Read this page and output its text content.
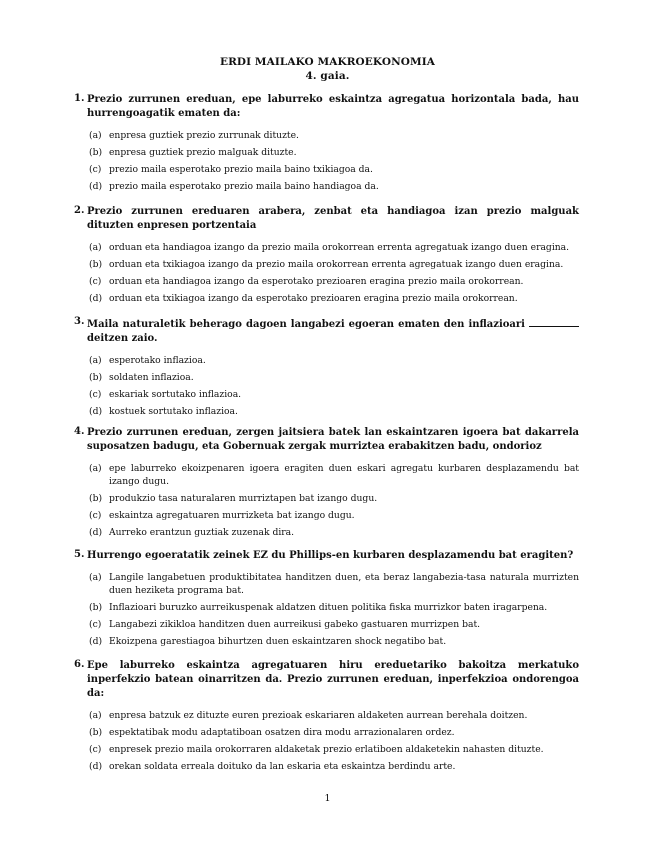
ERDI MAILAKO MAKROEKONOMIA
4. gaia.
1. Prezio zurrunen ereduan, epe laburreko eskaintza agregatua horizontala bada, hau hurrengoagatik ematen da:

(a) enpresa guztiek prezio zurrunak dituzte.
(b) enpresa guztiek prezio malguak dituzte.
(c) prezio maila esperotako prezio maila baino txikiagoa da.
(d) prezio maila esperotako prezio maila baino handiagoa da.
2. Prezio zurrunen ereduaren arabera, zenbat eta handiagoa izan prezio malguak dituzten enpresen portzentaia

(a) orduan eta handiagoa izango da prezio maila orokorrean errenta agregatuak izango duen eragina.
(b) orduan eta txikiagoa izango da prezio maila orokorrean errenta agregatuak izango duen eragina.
(c) orduan eta handiagoa izango da esperotako prezioaren eragina prezio maila orokorrean.
(d) orduan eta txikiagoa izango da esperotako prezioaren eragina prezio maila orokorrean.
3. Maila naturaletik beherago dagoen langabezi egoeran ematen den inflazioari  deitzen zaio.

(a) esperotako inflazioa.
(b) soldaten inflazioa.
(c) eskariak sortutako inflazioa.
(d) kostuek sortutako inflazioa.
4. Prezio zurrunen ereduan, zergen jaitsiera batek lan eskaintzaren igoera bat dakarrela suposatzen badugu, eta Gobernuak zergak murriztea erabakitzen badu, ondorioz

(a) epe laburreko ekoizpenaren igoera eragiten duen eskari agregatu kurbaren desplazamendu bat izango dugu.
(b) produkzio tasa naturalaren murriztapen bat izango dugu.
(c) eskaintza agregatuaren murrizketa bat izango dugu.
(d) Aurreko erantzun guztiak zuzenak dira.
5. Hurrengo egoeratatik zeinek EZ du Phillips-en kurbaren desplazamendu bat eragiten?

(a) Langile langabetuen produktibitatea handitzen duen, eta beraz langabezia-tasa naturala murrizten duen heziketa programa bat.
(b) Inflazioari buruzko aurreikuspenak aldatzen dituen politika fiska murrizkor baten iragarpena.
(c) Langabezi zikikloa handitzen duen aurreikusi gabeko gastuaren murrizpen bat.
(d) Ekoizpena garestiagoa bihurtzen duen eskaintzaren shock negatibo bat.
6. Epe laburreko eskaintza agregatuaren hiru ereduetariko bakoitza merkatuko inperfekzio batean oinarritzen da. Prezio zurrunen ereduan, inperfekzioa ondorengoa da:

(a) enpresa batzuk ez dituzte euren prezioak eskariaren aldaketen aurrean berehala doitzen.
(b) espektatibak modu adaptatiboan osatzen dira modu arrazionalaren ordez.
(c) enpresek prezio maila orokorraren aldaketak prezio erlatiboen aldaketekin nahasten dituzte.
(d) orekan soldata erreala doituko da lan eskaria eta eskaintza berdindu arte.
1
